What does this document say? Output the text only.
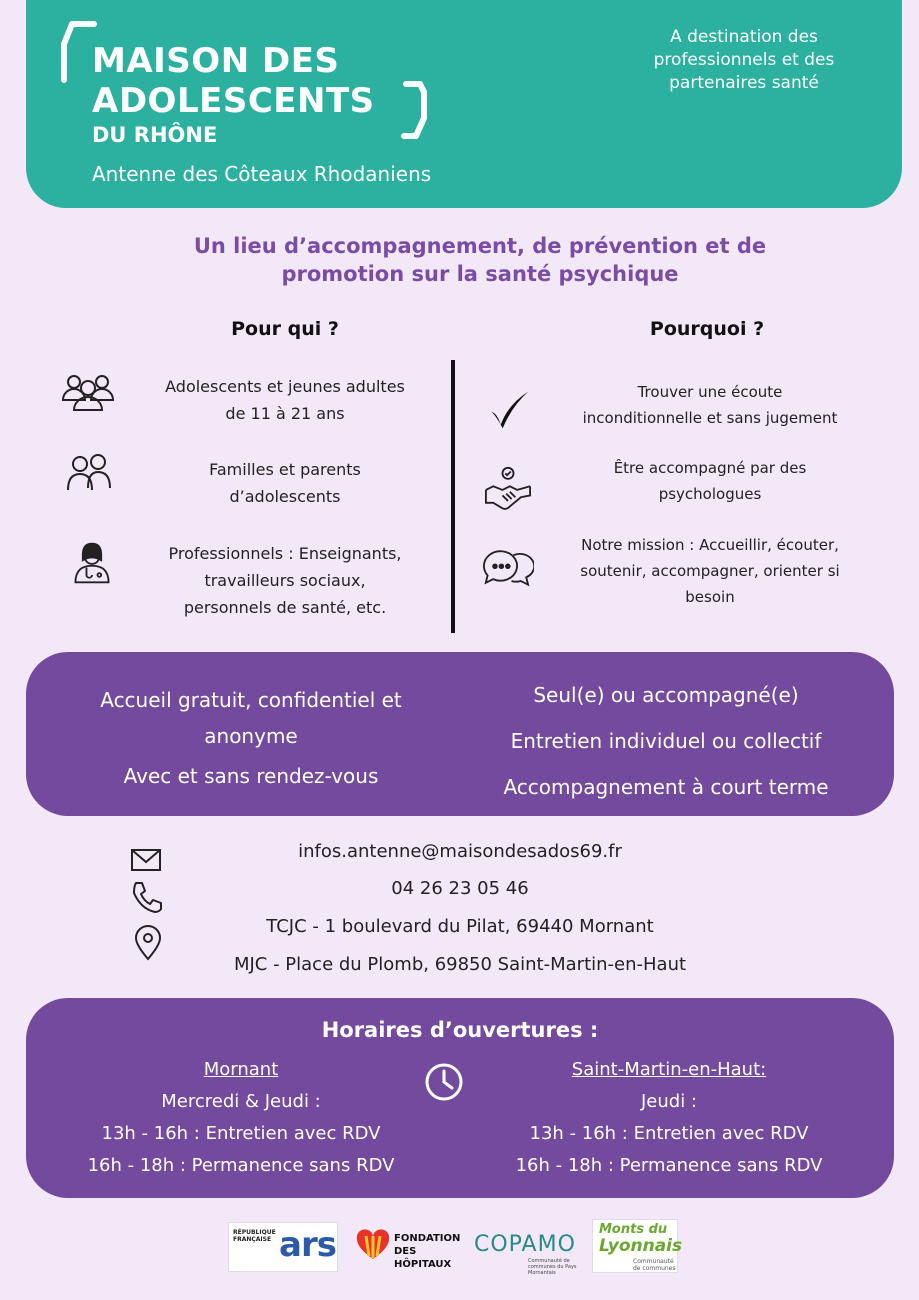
MAISON DES
ADOLESCENTS
DU RHÔNE
Antenne des Côteaux Rhodaniens
A destination des
professionnels et des
partenaires santé
Un lieu d’accompagnement, de prévention et de
promotion sur la santé psychique
Pour qui ?	Pourquoi ?
Adolescents et jeunes adultes
de 11 à 21 ans
Familles et parents
d’adolescents
Professionnels : Enseignants,
travailleurs sociaux,
personnels de santé, etc.
Trouver une écoute
inconditionnelle et sans jugement
Être accompagné par des
psychologues
Notre mission : Accueillir, écouter,
soutenir, accompagner, orienter si
besoin
Accueil gratuit, confidentiel et
anonyme
Avec et sans rendez-vous
Seul(e) ou accompagné(e)
Entretien individuel ou collectif
Accompagnement à court terme
infos.antenne@maisondesados69.fr
04 26 23 05 46
TCJC - 1 boulevard du Pilat, 69440 Mornant
MJC - Place du Plomb, 69850 Saint-Martin-en-Haut
Horaires d’ouvertures :
Mornant
Mercredi & Jeudi :
13h - 16h : Entretien avec RDV
16h - 18h : Permanence sans RDV
Saint-Martin-en-Haut:
Jeudi :
13h - 16h : Entretien avec RDV
16h - 18h : Permanence sans RDV
RÉPUBLIQUE FRANÇAISE ars	FONDATION
DES HÔPITAUX
COPAMO
Communauté de communes du Pays Mornantais
Monts du
Lyonnais
Communauté de communes
